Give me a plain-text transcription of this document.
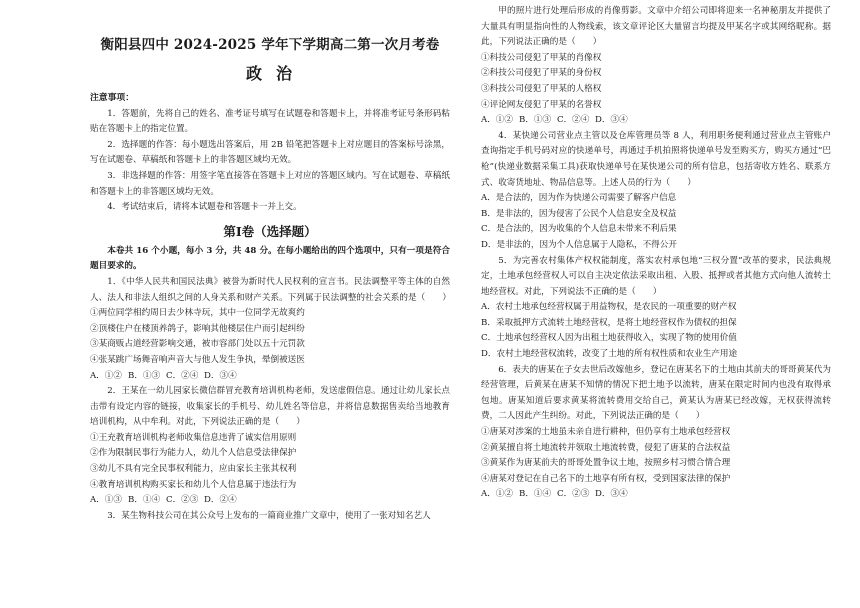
衡阳县四中 2024-2025 学年下学期高二第一次月考卷
政治
注意事项：

1．答题前，先将自己的姓名、准考证号填写在试题卷和答题卡上，并将准考证号条形码粘贴在答题卡上的指定位置。

2．选择题的作答：每小题选出答案后，用 2B 铅笔把答题卡上对应题目的答案标号涂黑，写在试题卷、草稿纸和答题卡上的非答题区域均无效。

3．非选择题的作答：用签字笔直接答在答题卡上对应的答题区域内。写在试题卷、草稿纸和答题卡上的非答题区域均无效。

4．考试结束后，请将本试题卷和答题卡一并上交。

第Ⅰ卷（选择题）

本卷共 16 个小题，每小 3 分，共 48 分。在每小题给出的四个选项中，只有一项是符合题目要求的。

1．《中华人民共和国民法典》被誉为新时代人民权利的宣言书。民法调整平等主体的自然人、法人和非法人组织之间的人身关系和财产关系。下列属于民法调整的社会关系的是（　　）

①两位同学相约周日去少林寺玩，其中一位同学无故爽约

②顶楼住户在楼顶养鸽子，影响其他楼层住户而引起纠纷

③某商贩占道经营影响交通，被市容部门处以五十元罚款

④张某跳广场舞音响声音大与他人发生争执，晕倒被送医

A．①② B．①③ C．②④ D．③④

2．王某在一幼儿园家长微信群冒充教育培训机构老师，发送虚假信息。通过让幼儿家长点击带有设定内容的链接，收集家长的手机号、幼儿姓名等信息，并将信息数据售卖给当地教育培训机构，从中牟利。对此，下列说法正确的是（　　）

①王充教育培训机构老师收集信息违背了诚实信用原则

②作为限制民事行为能力人，幼儿个人信息受法律保护

③幼儿不具有完全民事权利能力，应由家长主张其权利

④教育培训机构购买家长和幼儿个人信息属于违法行为

A．①③ B．①④ C．②③ D．②④

3．某生物科技公司在其公众号上发布的一篇商业推广文章中，使用了一张对知名艺人

甲的照片进行处理后形成的肖像剪影。文章中介绍公司即将迎来一名神秘朋友并提供了大量具有明显指向性的人物线索，该文章评论区大量留言均提及甲某名字或其网络昵称。据此，下列说法正确的是（　　）

①科技公司侵犯了甲某的肖像权

②科技公司侵犯了甲某的身份权

③科技公司侵犯了甲某的人格权

④评论网友侵犯了甲某的名誉权

A．①② B．①③ C．②④ D．③④

4．某快递公司营业点主管以及仓库管理员等 8 人，利用职务便利通过营业点主管账户查询指定手机号码对应的快递单号，再通过手机拍照将快递单号发至购买方，购买方通过“巴枪”(快递业数据采集工具)获取快递单号在某快递公司的所有信息，包括寄收方姓名、联系方式、收寄货地址、物品信息等。上述人员的行为（　　）

A．是合法的，因为作为快递公司需要了解客户信息

B．是非法的，因为侵害了公民个人信息安全及权益

C．是合法的，因为收集的个人信息未带来不利后果

D．是非法的，因为个人信息属于人隐私，不得公开

5．为完善农村集体产权权能制度，落实农村承包地“三权分置”改革的要求，民法典规定，土地承包经营权人可以自主决定依法采取出租、入股、抵押或者其他方式向他人流转土地经营权。对此，下列说法不正确的是（　　）

A．农村土地承包经营权属于用益物权，是农民的一项重要的财产权

B．采取抵押方式流转土地经营权，是将土地经营权作为债权的担保

C．土地承包经营权人因为出租土地获得收入，实现了物的使用价值

D．农村土地经营权流转，改变了土地的所有权性质和农业生产用途

6．表夫的唐某在子女去世后改嫁他乡，登记在唐某名下的土地由其前夫的哥哥黄某代为经营管理，后黄某在唐某不知情的情况下把土地予以流转，唐某在限定时间内也没有取得承包地。唐某知道后要求黄某将流转费用交给自己，黄某认为唐某已经改嫁，无权获得流转费，二人因此产生纠纷。对此，下列说法正确的是（　　）

①唐某对涉案的土地虽未亲自进行耕种，但仍享有土地承包经营权

②黄某擅自将土地流转并领取土地流转费，侵犯了唐某的合法权益

③黄某作为唐某前夫的哥哥处置争议土地，按照乡村习惯合情合理

④唐某对登记在自己名下的土地享有所有权，受到国家法律的保护

A．①② B．①④ C．②③ D．③④
